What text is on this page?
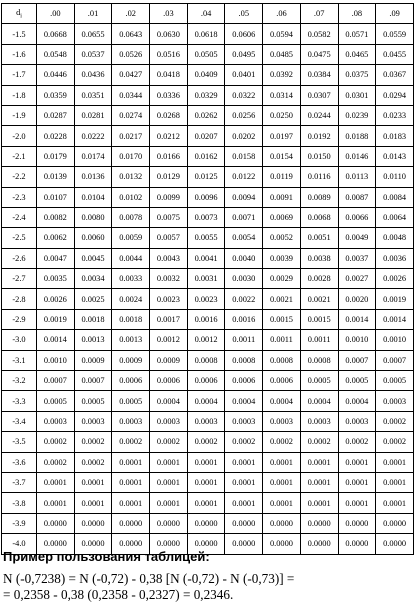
$d_i$	.00	.01	.02	.03	.04	.05	.06	.07	.08	.09
-1.5	0.0668	0.0655	0.0643	0.0630	0.0618	0.0606	0.0594	0.0582	0.0571	0.0559
-1.6	0.0548	0.0537	0.0526	0.0516	0.0505	0.0495	0.0485	0.0475	0.0465	0.0455
-1.7	0.0446	0.0436	0.0427	0.0418	0.0409	0.0401	0.0392	0.0384	0.0375	0.0367
-1.8	0.0359	0.0351	0.0344	0.0336	0.0329	0.0322	0.0314	0.0307	0.0301	0.0294
-1.9	0.0287	0.0281	0.0274	0.0268	0.0262	0.0256	0.0250	0.0244	0.0239	0.0233
-2.0	0.0228	0.0222	0.0217	0.0212	0.0207	0.0202	0.0197	0.0192	0.0188	0.0183
-2.1	0.0179	0.0174	0.0170	0.0166	0.0162	0.0158	0.0154	0.0150	0.0146	0.0143
-2.2	0.0139	0.0136	0.0132	0.0129	0.0125	0.0122	0.0119	0.0116	0.0113	0.0110
-2.3	0.0107	0.0104	0.0102	0.0099	0.0096	0.0094	0.0091	0.0089	0.0087	0.0084
-2.4	0.0082	0.0080	0.0078	0.0075	0.0073	0.0071	0.0069	0.0068	0.0066	0.0064
-2.5	0.0062	0.0060	0.0059	0.0057	0.0055	0.0054	0.0052	0.0051	0.0049	0.0048
-2.6	0.0047	0.0045	0.0044	0.0043	0.0041	0.0040	0.0039	0.0038	0.0037	0.0036
-2.7	0.0035	0.0034	0.0033	0.0032	0.0031	0.0030	0.0029	0.0028	0.0027	0.0026
-2.8	0.0026	0.0025	0.0024	0.0023	0.0023	0.0022	0.0021	0.0021	0.0020	0.0019
-2.9	0.0019	0.0018	0.0018	0.0017	0.0016	0.0016	0.0015	0.0015	0.0014	0.0014
-3.0	0.0014	0.0013	0.0013	0.0012	0.0012	0.0011	0.0011	0.0011	0.0010	0.0010
-3.1	0.0010	0.0009	0.0009	0.0009	0.0008	0.0008	0.0008	0.0008	0.0007	0.0007
-3.2	0.0007	0.0007	0.0006	0.0006	0.0006	0.0006	0.0006	0.0005	0.0005	0.0005
-3.3	0.0005	0.0005	0.0005	0.0004	0.0004	0.0004	0.0004	0.0004	0.0004	0.0003
-3.4	0.0003	0.0003	0.0003	0.0003	0.0003	0.0003	0.0003	0.0003	0.0003	0.0002
-3.5	0.0002	0.0002	0.0002	0.0002	0.0002	0.0002	0.0002	0.0002	0.0002	0.0002
-3.6	0.0002	0.0002	0.0001	0.0001	0.0001	0.0001	0.0001	0.0001	0.0001	0.0001
-3.7	0.0001	0.0001	0.0001	0.0001	0.0001	0.0001	0.0001	0.0001	0.0001	0.0001
-3.8	0.0001	0.0001	0.0001	0.0001	0.0001	0.0001	0.0001	0.0001	0.0001	0.0001
-3.9	0.0000	0.0000	0.0000	0.0000	0.0000	0.0000	0.0000	0.0000	0.0000	0.0000
-4.0	0.0000	0.0000	0.0000	0.0000	0.0000	0.0000	0.0000	0.0000	0.0000	0.0000
Пример пользования таблицей:
N (-0,7238) = N (-0,72) - 0,38 [N (-0,72) - N (-0,73)] =
= 0,2358 - 0,38 (0,2358 - 0,2327) = 0,2346.
